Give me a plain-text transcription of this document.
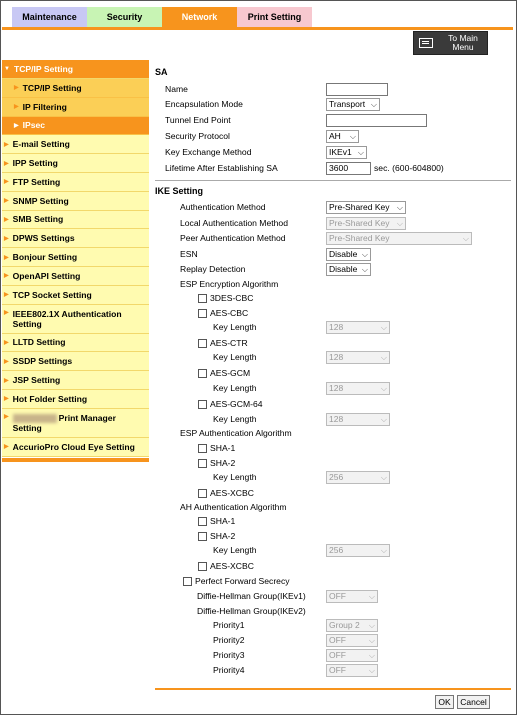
Maintenance	Security	Network	Print Setting
To Main
Menu
▼ TCP/IP Setting
▶ TCP/IP Setting
▶ IP Filtering
▶ IPsec
▶ E-mail Setting
▶ IPP Setting
▶ FTP Setting
▶ SNMP Setting
▶ SMB Setting
▶ DPWS Settings
▶ Bonjour Setting
▶ OpenAPI Setting
▶ TCP Socket Setting
▶ IEEE802.1X Authentication Setting
▶ LLTD Setting
▶ SSDP Settings
▶ JSP Setting
▶ Hot Folder Setting
▶	Print Manager Setting
▶ AccurioPro Cloud Eye Setting
SA
Name
Encapsulation Mode	Transport ⌵
Tunnel End Point
Security Protocol	AH ⌵
Key Exchange Method	IKEv1 ⌵
Lifetime After Establishing SA	3600	sec. (600-604800)
IKE Setting
Authentication Method	Pre-Shared Key ⌵
Local Authentication Method	Pre-Shared Key ⌵
Peer Authentication Method	Pre-Shared Key	⌵
ESN	Disable ⌵
Replay Detection	Disable ⌵
ESP Encryption Algorithm
3DES-CBC
AES-CBC
Key Length	128	⌵
AES-CTR
Key Length	128	⌵
AES-GCM
Key Length	128	⌵
AES-GCM-64
Key Length	128	⌵
ESP Authentication Algorithm
SHA-1
SHA-2
Key Length	256	⌵
AES-XCBC
AH Authentication Algorithm
SHA-1
SHA-2
Key Length	256	⌵
AES-XCBC
Perfect Forward Secrecy
Diffie-Hellman Group(IKEv1)	OFF	⌵
Diffie-Hellman Group(IKEv2)
Priority1	Group 2 ⌵
Priority2	OFF	⌵
Priority3	OFF	⌵
Priority4	OFF	⌵
OK	Cancel
